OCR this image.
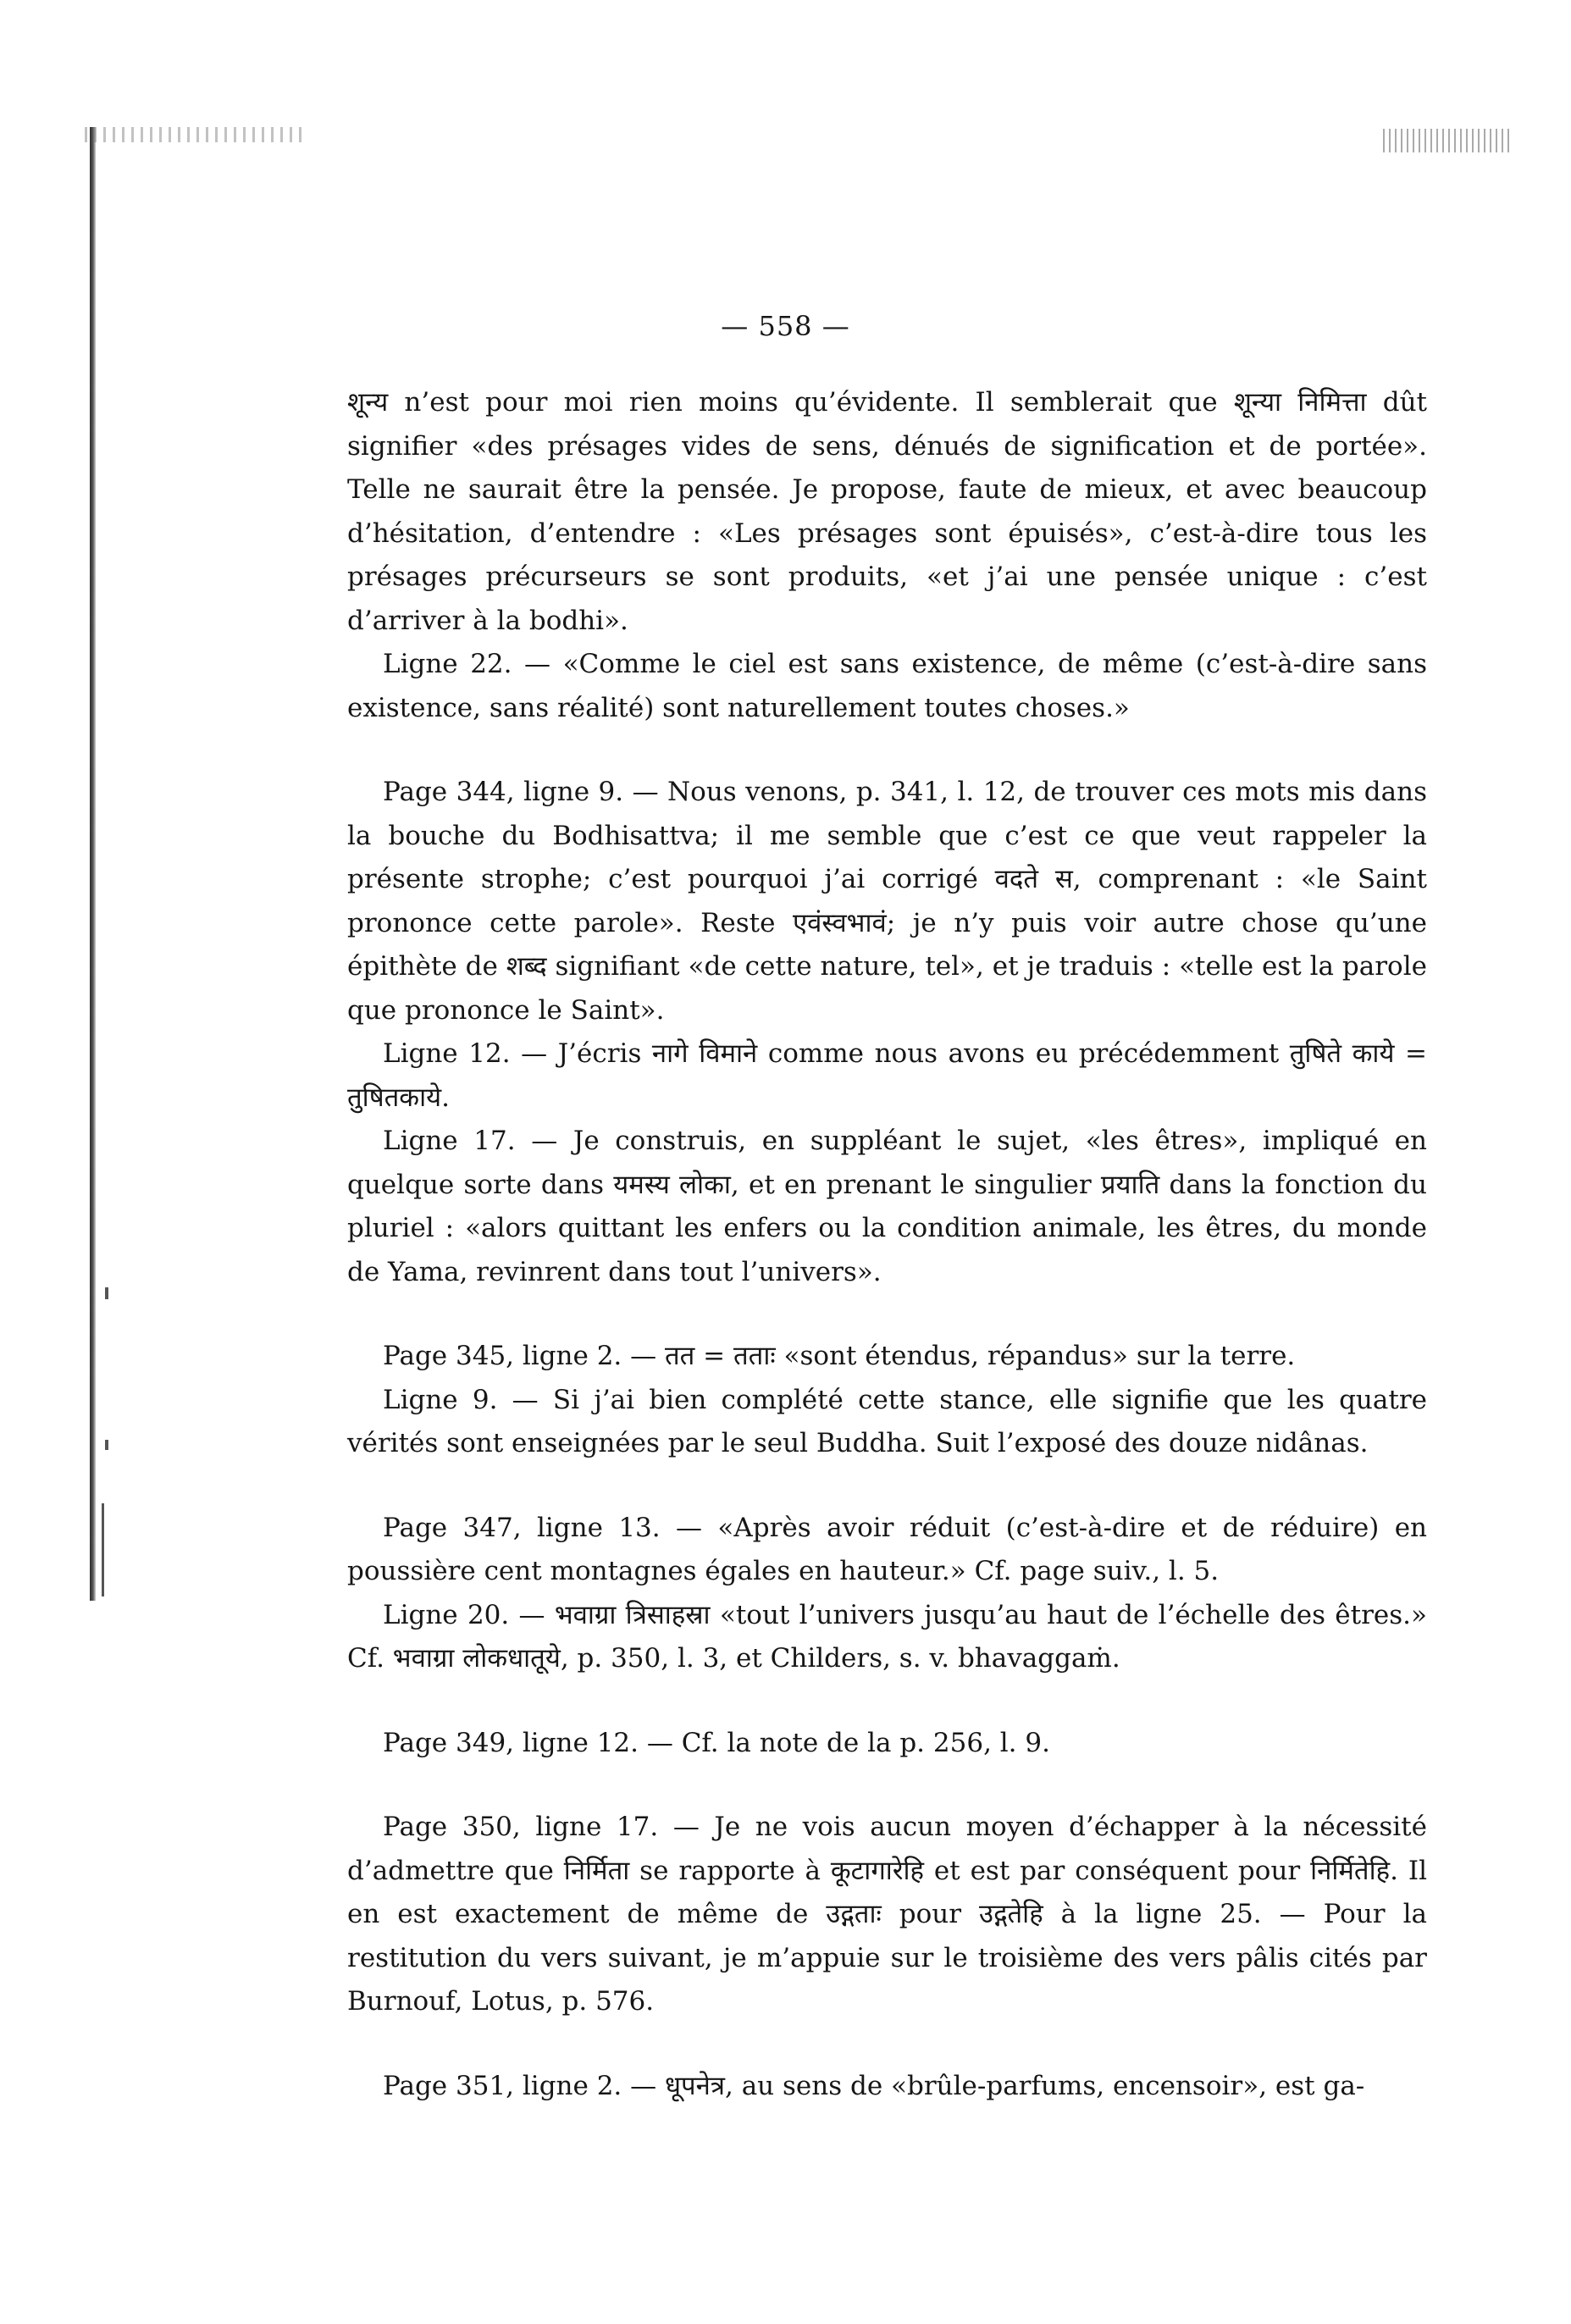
— 558 —

शून्य n’est pour moi rien moins qu’évidente. Il semblerait que शून्या निमित्ता dût signifier «des présages vides de sens, dénués de signification et de portée». Telle ne saurait être la pensée. Je propose, faute de mieux, et avec beaucoup d’hésitation, d’entendre : «Les présages sont épuisés», c’est-à-dire tous les présages précurseurs se sont produits, «et j’ai une pensée unique : c’est d’arriver à la bodhi».

Ligne 22. — «Comme le ciel est sans existence, de même (c’est-à-dire sans existence, sans réalité) sont naturellement toutes choses.»

Page 344, ligne 9. — Nous venons, p. 341, l. 12, de trouver ces mots mis dans la bouche du Bodhisattva; il me semble que c’est ce que veut rappeler la présente strophe; c’est pourquoi j’ai corrigé वदते स, comprenant : «le Saint prononce cette parole». Reste एवंस्वभावं; je n’y puis voir autre chose qu’une épithète de शब्द signifiant «de cette nature, tel», et je traduis : «telle est la parole que prononce le Saint».

Ligne 12. — J’écris नागे विमाने comme nous avons eu précédemment तुषिते काये = तुषितकाये.

Ligne 17. — Je construis, en suppléant le sujet, «les êtres», impliqué en quelque sorte dans यमस्य लोका, et en prenant le singulier प्रयाति dans la fonction du pluriel : «alors quittant les enfers ou la condition animale, les êtres, du monde de Yama, revinrent dans tout l’univers».

Page 345, ligne 2. — तत = तताः «sont étendus, répandus» sur la terre.

Ligne 9. — Si j’ai bien complété cette stance, elle signifie que les quatre vérités sont enseignées par le seul Buddha. Suit l’exposé des douze nidânas.

Page 347, ligne 13. — «Après avoir réduit (c’est-à-dire et de réduire) en poussière cent montagnes égales en hauteur.» Cf. page suiv., l. 5.

Ligne 20. — भवाग्रा त्रिसाहस्रा «tout l’univers jusqu’au haut de l’échelle des êtres.» Cf. भवाग्रा लोकधातूये, p. 350, l. 3, et Childers, s. v. bhavaggaṁ.

Page 349, ligne 12. — Cf. la note de la p. 256, l. 9.

Page 350, ligne 17. — Je ne vois aucun moyen d’échapper à la nécessité d’admettre que निर्मिता se rapporte à कूटागारेहि et est par conséquent pour निर्मितेहि. Il en est exactement de même de उद्गताः pour उद्गतेहि à la ligne 25. — Pour la restitution du vers suivant, je m’appuie sur le troisième des vers pâlis cités par Burnouf, Lotus, p. 576.

Page 351, ligne 2. — धूपनेत्र, au sens de «brûle-parfums, encensoir», est ga-
